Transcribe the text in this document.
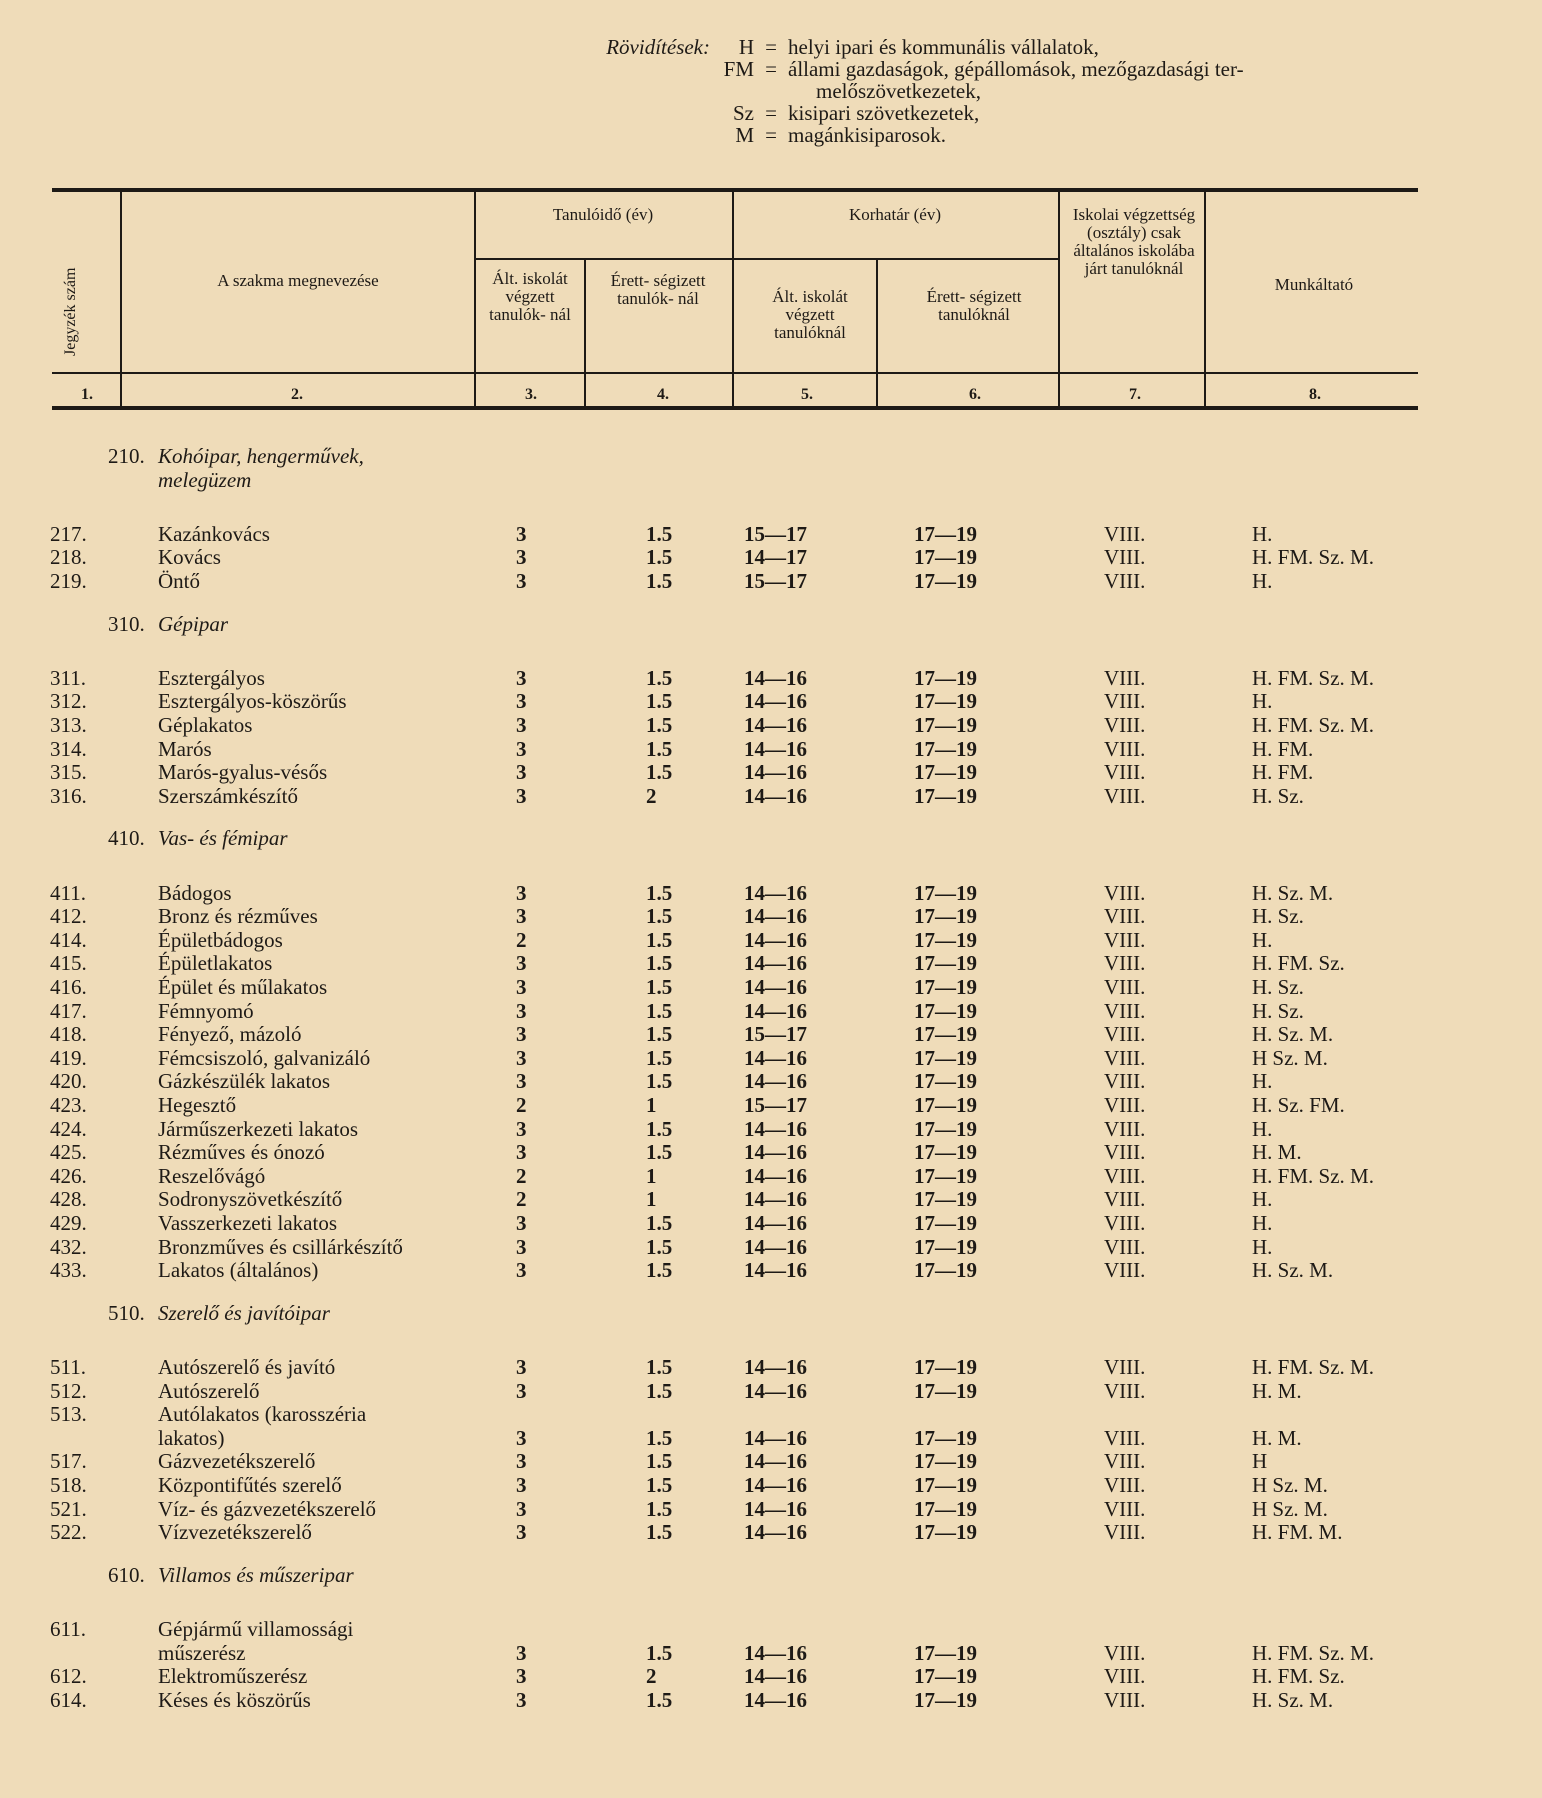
Rövidítések:	H = helyi ipari és kommunális vállalatok,
FM = állami gazdaságok, gépállomások, mezőgazdasági ter-
melőszövetkezetek,
Sz = kisipari szövetkezetek,
M = magánkisiparosok.
Jegyzék szám	A szakma megnevezése
Tanulóidő (év)
Ált. iskolát végzett tanulók- nál
Érett- ségizett tanulók- nál
Korhatár (év)
Ált. iskolát végzett tanulóknál
Érett- ségizett tanulóknál
Iskolai végzettség (osztály) csak általános iskolába járt tanulóknál
Munkáltató
1.	2.	3.	4.	5.	6.	7.	8.
210. Kohóipar, hengerművek,
melegüzem
217.	Kazánkovács	3	1.5	15—17	17—19	VIII.	H.
218.	Kovács	3	1.5	14—17	17—19	VIII.	H. FM. Sz. M.
219.	Öntő	3	1.5	15—17	17—19	VIII.	H.
310. Gépipar
311.	Esztergályos	3	1.5	14—16	17—19	VIII.	H. FM. Sz. M.
312.	Esztergályos-köszörűs	3	1.5	14—16	17—19	VIII.	H.
313.	Géplakatos	3	1.5	14—16	17—19	VIII.	H. FM. Sz. M.
314.	Marós	3	1.5	14—16	17—19	VIII.	H. FM.
315.	Marós-gyalus-vésős	3	1.5	14—16	17—19	VIII.	H. FM.
316.	Szerszámkészítő	3	2	14—16	17—19	VIII.	H. Sz.
410. Vas- és fémipar
411.	Bádogos	3	1.5	14—16	17—19	VIII.	H. Sz. M.
412.	Bronz és rézműves	3	1.5	14—16	17—19	VIII.	H. Sz.
414.	Épületbádogos	2	1.5	14—16	17—19	VIII.	H.
415.	Épületlakatos	3	1.5	14—16	17—19	VIII.	H. FM. Sz.
416.	Épület és műlakatos	3	1.5	14—16	17—19	VIII.	H. Sz.
417.	Fémnyomó	3	1.5	14—16	17—19	VIII.	H. Sz.
418.	Fényező, mázoló	3	1.5	15—17	17—19	VIII.	H. Sz. M.
419.	Fémcsiszoló, galvanizáló	3	1.5	14—16	17—19	VIII.	H Sz. M.
420.	Gázkészülék lakatos	3	1.5	14—16	17—19	VIII.	H.
423.	Hegesztő	2	1	15—17	17—19	VIII.	H. Sz. FM.
424.	Járműszerkezeti lakatos	3	1.5	14—16	17—19	VIII.	H.
425.	Rézműves és ónozó	3	1.5	14—16	17—19	VIII.	H. M.
426.	Reszelővágó	2	1	14—16	17—19	VIII.	H. FM. Sz. M.
428.	Sodronyszövetkészítő	2	1	14—16	17—19	VIII.	H.
429.	Vasszerkezeti lakatos	3	1.5	14—16	17—19	VIII.	H.
432.	Bronzműves és csillárkészítő	3	1.5	14—16	17—19	VIII.	H.
433.	Lakatos (általános)	3	1.5	14—16	17—19	VIII.	H. Sz. M.
510. Szerelő és javítóipar
511.	Autószerelő és javító	3	1.5	14—16	17—19	VIII.	H. FM. Sz. M.
512.	Autószerelő	3	1.5	14—16	17—19	VIII.	H. M.
513.	Autólakatos (karosszéria
lakatos)	3	1.5	14—16	17—19	VIII.	H. M.
517.	Gázvezetékszerelő	3	1.5	14—16	17—19	VIII.	H
518.	Központifűtés szerelő	3	1.5	14—16	17—19	VIII.	H Sz. M.
521.	Víz- és gázvezetékszerelő	3	1.5	14—16	17—19	VIII.	H Sz. M.
522.	Vízvezetékszerelő	3	1.5	14—16	17—19	VIII.	H. FM. M.
610. Villamos és műszeripar
611.	Gépjármű villamossági
műszerész	3	1.5	14—16	17—19	VIII.	H. FM. Sz. M.
612.	Elektroműszerész	3	2	14—16	17—19	VIII.	H. FM. Sz.
614.	Késes és köszörűs	3	1.5	14—16	17—19	VIII.	H. Sz. M.
